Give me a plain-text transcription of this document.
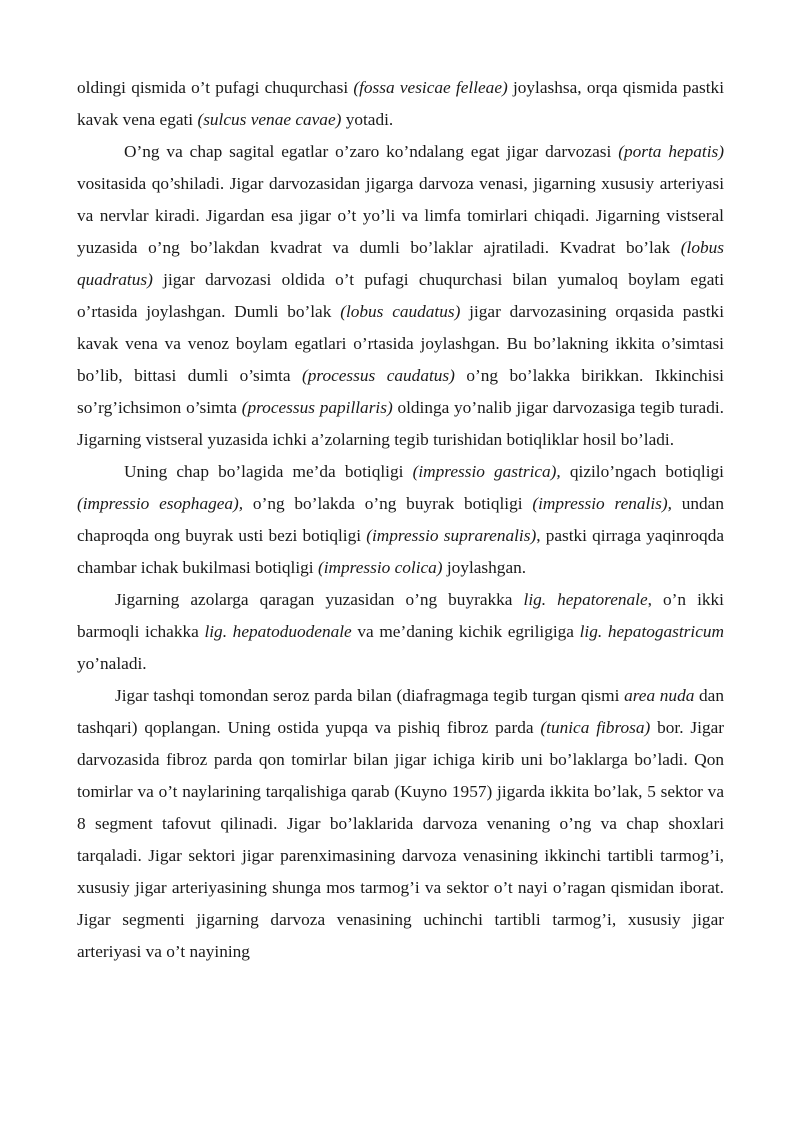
oldingi qismida o’t pufagi chuqurchasi (fossa vesicae felleae) joylashsa, orqa qismida pastki kavak vena egati (sulcus venae cavae) yotadi.

O’ng va chap sagital egatlar o’zaro ko’ndalang egat jigar darvozasi (porta hepatis) vositasida qo’shiladi. Jigar darvozasidan jigarga darvoza venasi, jigarning xususiy arteriyasi va nervlar kiradi. Jigardan esa jigar o’t yo’li va limfa tomirlari chiqadi. Jigarning vistseral yuzasida o’ng bo’lakdan kvadrat va dumli bo’laklar ajratiladi. Kvadrat bo’lak (lobus quadratus) jigar darvozasi oldida o’t pufagi chuqurchasi bilan yumaloq boylam egati o’rtasida joylashgan. Dumli bo’lak (lobus caudatus) jigar darvozasining orqasida pastki kavak vena va venoz boylam egatlari o’rtasida joylashgan. Bu bo’lakning ikkita o’simtasi bo’lib, bittasi dumli o’simta (processus caudatus) o’ng bo’lakka birikkan. Ikkinchisi so’rg’ichsimon o’simta (processus papillaris) oldinga yo’nalib jigar darvozasiga tegib turadi. Jigarning vistseral yuzasida ichki a’zolarning tegib turishidan botiqliklar hosil bo’ladi.

Uning chap bo’lagida me’da botiqligi (impressio gastrica), qizilo’ngach botiqligi (impressio esophagea), o’ng bo’lakda o’ng buyrak botiqligi (impressio renalis), undan chaproqda ong buyrak usti bezi botiqligi (impressio suprarenalis), pastki qirraga yaqinroqda chambar ichak bukilmasi botiqligi (impressio colica) joylashgan.

Jigarning azolarga qaragan yuzasidan o’ng buyrakka lig. hepatorenale, o’n ikki barmoqli ichakka lig. hepatoduodenale va me’daning kichik egriligiga lig. hepatogastricum yo’naladi.

Jigar tashqi tomondan seroz parda bilan (diafragmaga tegib turgan qismi area nuda dan tashqari) qoplangan. Uning ostida yupqa va pishiq fibroz parda (tunica fibrosa) bor. Jigar darvozasida fibroz parda qon tomirlar bilan jigar ichiga kirib uni bo’laklarga bo’ladi. Qon tomirlar va o’t naylarining tarqalishiga qarab (Kuyno 1957) jigarda ikkita bo’lak, 5 sektor va 8 segment tafovut qilinadi. Jigar bo’laklarida darvoza venaning o’ng va chap shoxlari tarqaladi. Jigar sektori jigar parenximasining darvoza venasining ikkinchi tartibli tarmog’i, xususiy jigar arteriyasining shunga mos tarmog’i va sektor o’t nayi o’ragan qismidan iborat. Jigar segmenti jigarning darvoza venasining uchinchi tartibli tarmog’i, xususiy jigar arteriyasi va o’t nayining
